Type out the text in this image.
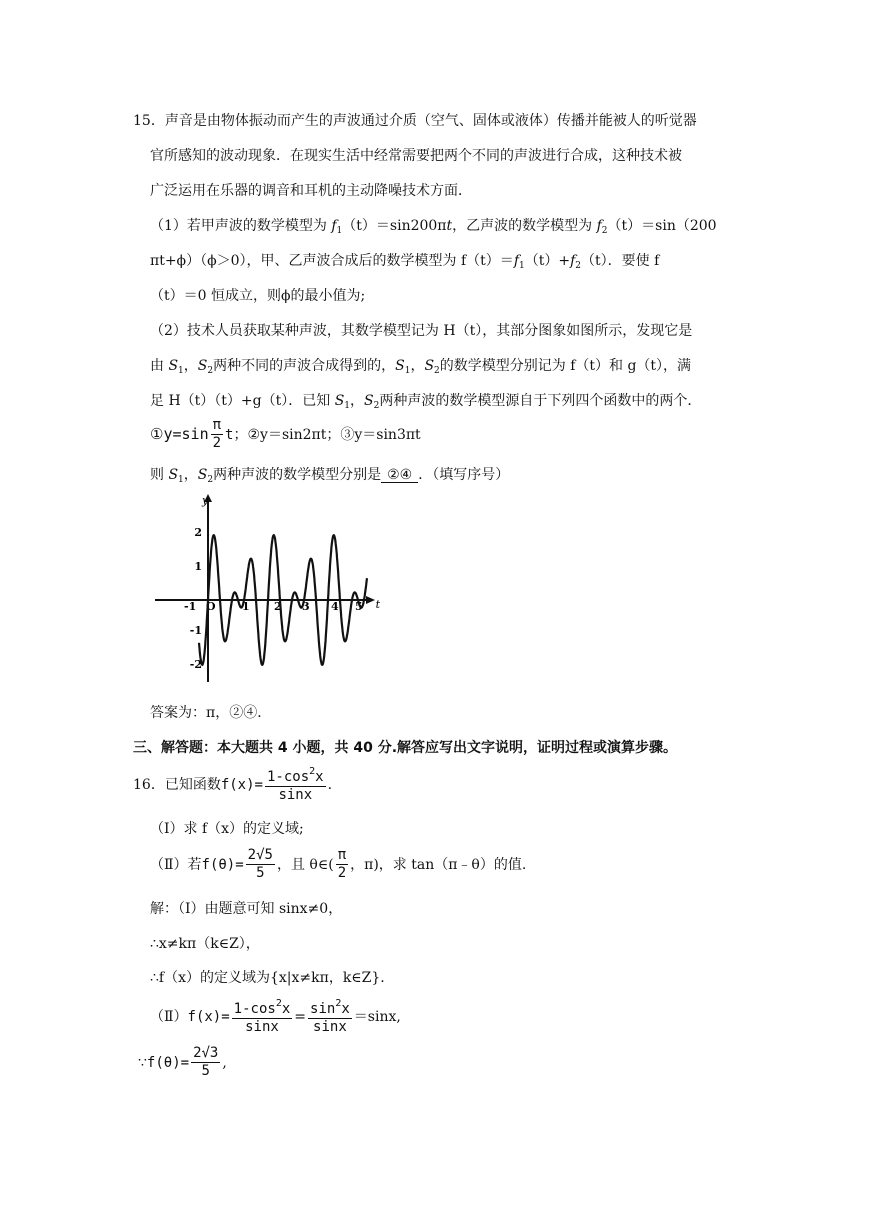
15．声音是由物体振动而产生的声波通过介质（空气、固体或液体）传播并能被人的听觉器
官所感知的波动现象．在现实生活中经常需要把两个不同的声波进行合成，这种技术被
广泛运用在乐器的调音和耳机的主动降噪技术方面．
（1）若甲声波的数学模型为 $f_1(t)=\sin 200\pi t$，乙声波的数学模型为 $f_2(t)=\sin(200$
πt+ϕ）（ϕ＞0），甲、乙声波合成后的数学模型为 $f(t)=f_1(t)+f_2(t)$．要使 f
（t）＝0 恒成立，则ϕ的最小值为;
（2）技术人员获取某种声波，其数学模型记为 H（t），其部分图象如图所示，发现它是
由 $S_1$，$S_2$两种不同的声波合成得到的，$S_1$，$S_2$的数学模型分别记为 f（t）和 g（t），满
足 H（t）（t）+g（t）．已知 $S_1$，$S_2$两种声波的数学模型源自于下列四个函数中的两个．
①y=sin $\frac{\pi}{2}$ t；②y＝sin2πt；③y＝sin3πt
则 $S_1$，$S_2$两种声波的数学模型分别是 ②④ ．（填写序号）
y
t
-1 O 1 2 3 4 5
2
1
-1
-2
答案为：π，②④．
三、解答题：本大题共 4 小题，共 40 分.解答应写出文字说明，证明过程或演算步骤。
16．已知函数$f(x)= \frac{1-\cos^2x}{\sin x}$ .
（Ⅰ）求 f（x）的定义域;
（Ⅱ）若$f(\theta)= \frac{2√5}{5}$ ，且 θ∈( $\frac{\pi}{2}$ ，π)，求 tan（π﹣θ）的值.
解：（Ⅰ）由题意可知 sinx≠0，
∴x≠kπ（k∈Z），
∴f（x）的定义域为{x|x≠kπ，k∈Z}.
（Ⅱ）f(x)= $\frac{1-\cos^2x}{\sin x} = \frac{\sin^2x}{\sin x} =\sin x$,
∵f(θ)= $\frac{2√3}{5}$ ,
